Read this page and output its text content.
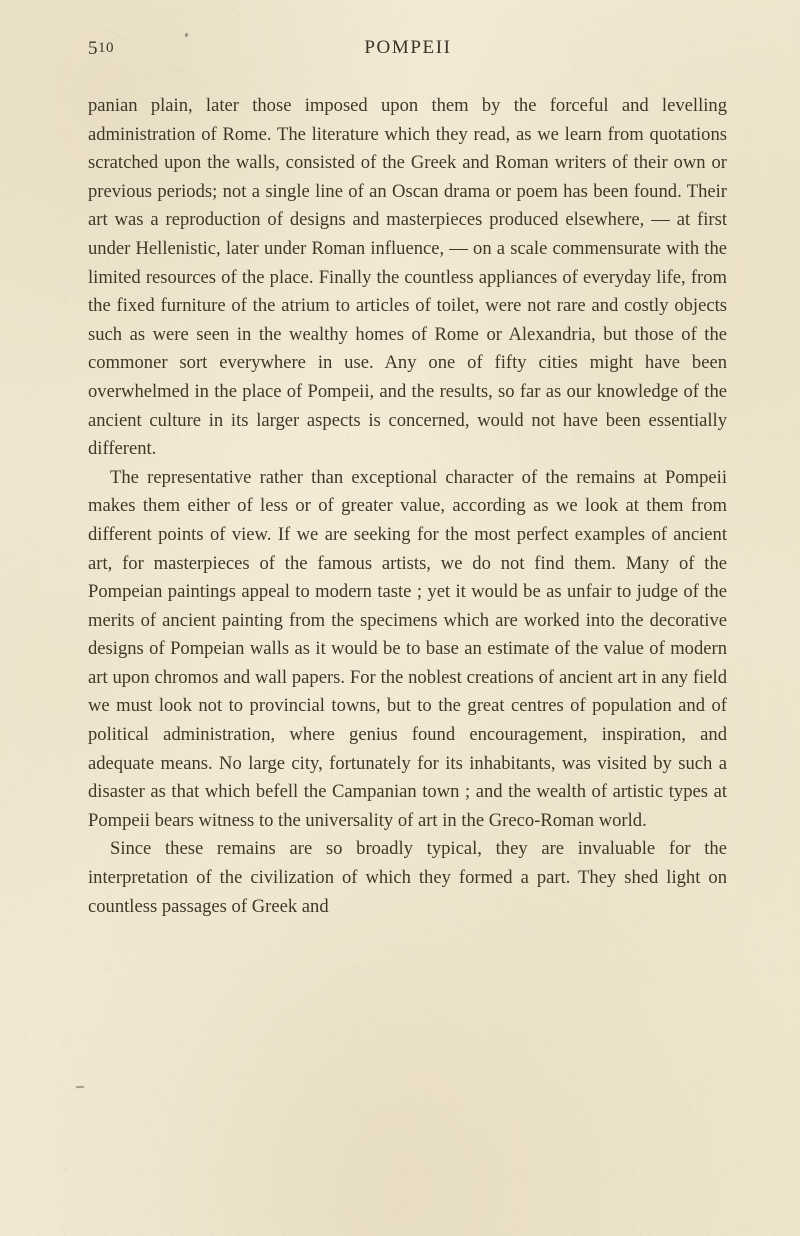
510	POMPEII

panian plain, later those imposed upon them by the forceful and levelling administration of Rome. The literature which they read, as we learn from quotations scratched upon the walls, consisted of the Greek and Roman writers of their own or previous periods; not a single line of an Oscan drama or poem has been found. Their art was a reproduction of designs and masterpieces produced elsewhere, — at first under Hellenistic, later under Roman influence, — on a scale commensurate with the limited resources of the place. Finally the countless appliances of everyday life, from the fixed furniture of the atrium to articles of toilet, were not rare and costly objects such as were seen in the wealthy homes of Rome or Alexandria, but those of the commoner sort everywhere in use. Any one of fifty cities might have been overwhelmed in the place of Pompeii, and the results, so far as our knowledge of the ancient culture in its larger aspects is concerned, would not have been essentially different.

The representative rather than exceptional character of the remains at Pompeii makes them either of less or of greater value, according as we look at them from different points of view. If we are seeking for the most perfect examples of ancient art, for masterpieces of the famous artists, we do not find them. Many of the Pompeian paintings appeal to modern taste ; yet it would be as unfair to judge of the merits of ancient painting from the specimens which are worked into the decorative designs of Pompeian walls as it would be to base an estimate of the value of modern art upon chromos and wall papers. For the noblest creations of ancient art in any field we must look not to provincial towns, but to the great centres of population and of political administration, where genius found encouragement, inspiration, and adequate means. No large city, fortunately for its inhabitants, was visited by such a disaster as that which befell the Campanian town ; and the wealth of artistic types at Pompeii bears witness to the universality of art in the Greco-Roman world.

Since these remains are so broadly typical, they are invaluable for the interpretation of the civilization of which they formed a part. They shed light on countless passages of Greek and
